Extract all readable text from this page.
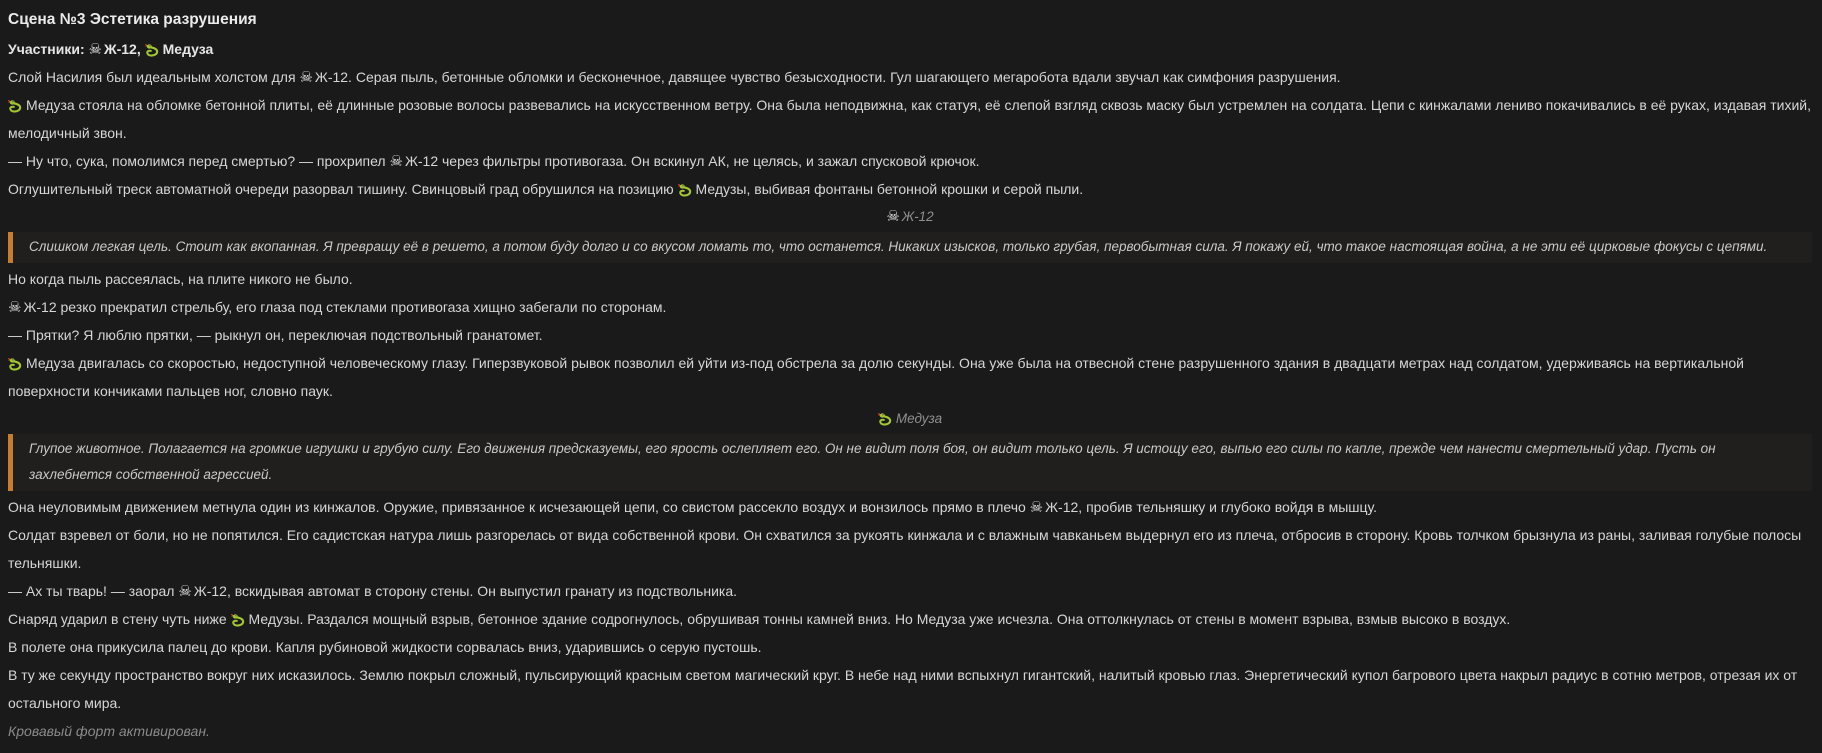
Сцена №3 Эстетика разрушения
Участники: ☠ Ж-12, Медуза
Слой Насилия был идеальным холстом для ☠ Ж-12. Серая пыль, бетонные обломки и бесконечное, давящее чувство безысходности. Гул шагающего мегаробота вдали звучал как симфония разрушения.
Медуза стояла на обломке бетонной плиты, её длинные розовые волосы развевались на искусственном ветру. Она была неподвижна, как статуя, её слепой взгляд сквозь маску был устремлен на солдата. Цепи с кинжалами лениво покачивались в её руках, издавая тихий, мелодичный звон.
— Ну что, сука, помолимся перед смертью? — прохрипел ☠ Ж-12 через фильтры противогаза. Он вскинул АК, не целясь, и зажал спусковой крючок.
Оглушительный треск автоматной очереди разорвал тишину. Свинцовый град обрушился на позицию Медузы, выбивая фонтаны бетонной крошки и серой пыли.
☠ Ж-12
Слишком легкая цель. Стоит как вкопанная. Я превращу её в решето, а потом буду долго и со вкусом ломать то, что останется. Никаких изысков, только грубая, первобытная сила. Я покажу ей, что такое настоящая война, а не эти её цирковые фокусы с цепями.
Но когда пыль рассеялась, на плите никого не было.
☠ Ж-12 резко прекратил стрельбу, его глаза под стеклами противогаза хищно забегали по сторонам.
— Прятки? Я люблю прятки, — рыкнул он, переключая подствольный гранатомет.
Медуза двигалась со скоростью, недоступной человеческому глазу. Гиперзвуковой рывок позволил ей уйти из-под обстрела за долю секунды. Она уже была на отвесной стене разрушенного здания в двадцати метрах над солдатом, удерживаясь на вертикальной поверхности кончиками пальцев ног, словно паук.
Медуза
Глупое животное. Полагается на громкие игрушки и грубую силу. Его движения предсказуемы, его ярость ослепляет его. Он не видит поля боя, он видит только цель. Я истощу его, выпью его силы по капле, прежде чем нанести смертельный удар. Пусть он захлебнется собственной агрессией.
Она неуловимым движением метнула один из кинжалов. Оружие, привязанное к исчезающей цепи, со свистом рассекло воздух и вонзилось прямо в плечо ☠ Ж-12, пробив тельняшку и глубоко войдя в мышцу.
Солдат взревел от боли, но не попятился. Его садистская натура лишь разгорелась от вида собственной крови. Он схватился за рукоять кинжала и с влажным чавканьем выдернул его из плеча, отбросив в сторону. Кровь толчком брызнула из раны, заливая голубые полосы тельняшки.
— Ах ты тварь! — заорал ☠ Ж-12, вскидывая автомат в сторону стены. Он выпустил гранату из подствольника.
Снаряд ударил в стену чуть ниже Медузы. Раздался мощный взрыв, бетонное здание содрогнулось, обрушивая тонны камней вниз. Но Медуза уже исчезла. Она оттолкнулась от стены в момент взрыва, взмыв высоко в воздух.
В полете она прикусила палец до крови. Капля рубиновой жидкости сорвалась вниз, ударившись о серую пустошь.
В ту же секунду пространство вокруг них исказилось. Землю покрыл сложный, пульсирующий красным светом магический круг. В небе над ними вспыхнул гигантский, налитый кровью глаз. Энергетический купол багрового цвета накрыл радиус в сотню метров, отрезая их от остального мира.
Кровавый форт активирован.
